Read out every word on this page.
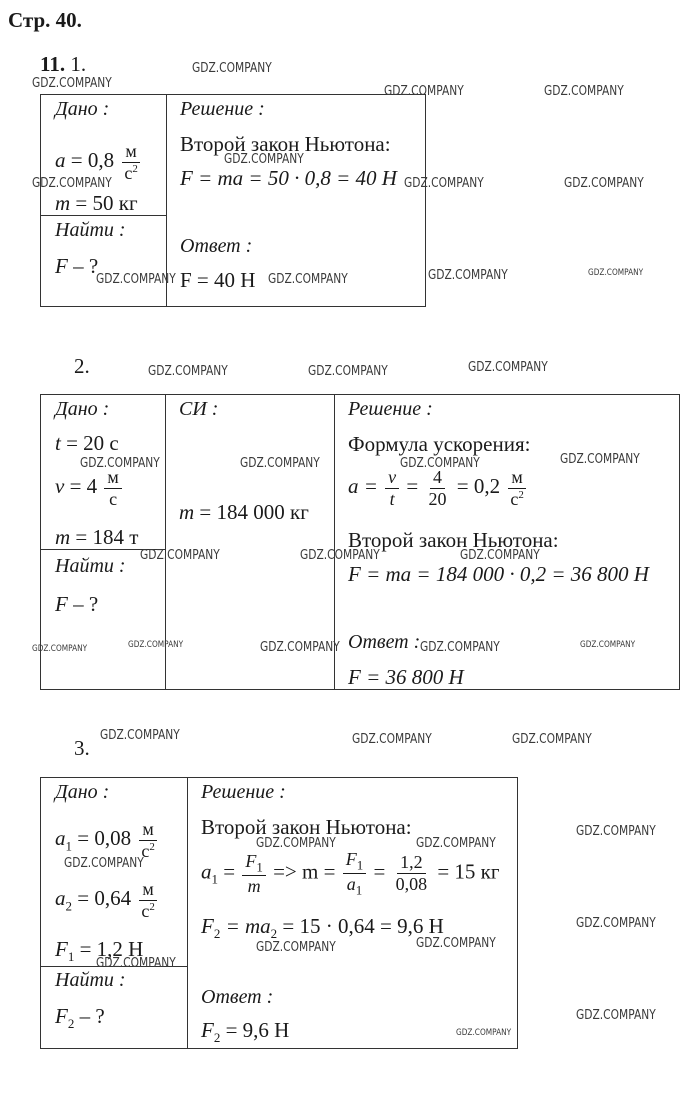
Стр. 40.
11. 1.
Дано :
$a = 0,8 \frac{м}{с^2}$
m = 50 кг
Найти :
F – ?
Решение :
Второй закон Ньютона:
F = ma = 50 · 0,8 = 40 Н
Ответ :
F = 40 Н
2.
Дано :
t = 20 с
$v = 4 \frac{м}{с}$
m = 184 т
Найти :
F – ?
СИ :
m = 184 000 кг
Решение :
Формула ускорения:
$a = \frac{v}{t} = \frac{4}{20} = 0,2 \frac{м}{с^2}$
Второй закон Ньютона:
F = ma = 184 000 · 0,2 = 36 800 Н
Ответ :
F = 36 800 Н
3.
Дано :
$a_1 = 0,08 \frac{м}{с^2}$
$a_2 = 0,64 \frac{м}{с^2}$
$F_1 = 1,2$ Н
Найти :
$F_2$ – ?
Решение :
Второй закон Ньютона:
$a_1 = \frac{F_1}{m} => m = \frac{F_1}{a_1} = \frac{1,2}{0,08} = 15$ кг
$F_2 = ma_2 = 15 \cdot 0,64 = 9,6$ Н
Ответ :
$F_2 = 9,6$ Н
GDZ.COMPANY
GDZ.COMPANY
GDZ.COMPANY	GDZ.COMPANY
GDZ.COMPANY
GDZ.COMPANY	GDZ.COMPANY	GDZ.COMPANY
GDZ.COMPANY	GDZ.COMPANY	GDZ.COMPANY	GDZ.COMPANY
GDZ.COMPANY	GDZ.COMPANY	GDZ.COMPANY
GDZ.COMPANY	GDZ.COMPANY	GDZ.COMPANY	GDZ.COMPANY
GDZ.COMPANY	GDZ.COMPANY	GDZ.COMPANY
GDZ.COMPANY	GDZ.COMPANY	GDZ.COMPANY	GDZ.COMPANY	GDZ.COMPANY
GDZ.COMPANY	GDZ.COMPANY	GDZ.COMPANY
GDZ.COMPANY
GDZ.COMPANY	GDZ.COMPANY
GDZ.COMPANY
GDZ.COMPANY
GDZ.COMPANY	GDZ.COMPANY
GDZ.COMPANY
GDZ.COMPANY
GDZ.COMPANY
